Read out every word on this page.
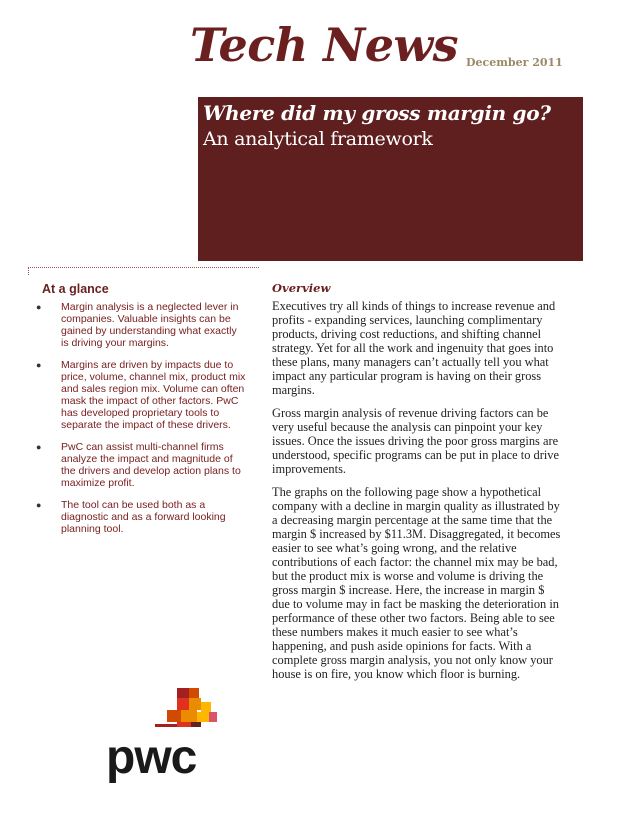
Tech News December 2011
Where did my gross margin go?
An analytical framework
At a glance
● Margin analysis is a neglected lever in companies. Valuable insights can be gained by understanding what exactly is driving your margins.
● Margins are driven by impacts due to price, volume, channel mix, product mix and sales region mix. Volume can often mask the impact of other factors. PwC has developed proprietary tools to separate the impact of these drivers.
● PwC can assist multi-channel firms analyze the impact and magnitude of the drivers and develop action plans to maximize profit.
● The tool can be used both as a diagnostic and as a forward looking planning tool.
Overview

Executives try all kinds of things to increase revenue and profits - expanding services, launching complimentary products, driving cost reductions, and shifting channel strategy. Yet for all the work and ingenuity that goes into these plans, many managers can’t actually tell you what impact any particular program is having on their gross margins.

Gross margin analysis of revenue driving factors can be very useful because the analysis can pinpoint your key issues. Once the issues driving the poor gross margins are understood, specific programs can be put in place to drive improvements.

The graphs on the following page show a hypothetical company with a decline in margin quality as illustrated by a decreasing margin percentage at the same time that the margin $ increased by $11.3M. Disaggregated, it becomes easier to see what’s going wrong, and the relative contributions of each factor: the channel mix may be bad, but the product mix is worse and volume is driving the gross margin $ increase. Here, the increase in margin $ due to volume may in fact be masking the deterioration in performance of these other two factors. Being able to see these numbers makes it much easier to see what’s happening, and push aside opinions for facts. With a complete gross margin analysis, you not only know your house is on fire, you know which floor is burning.

pwc
